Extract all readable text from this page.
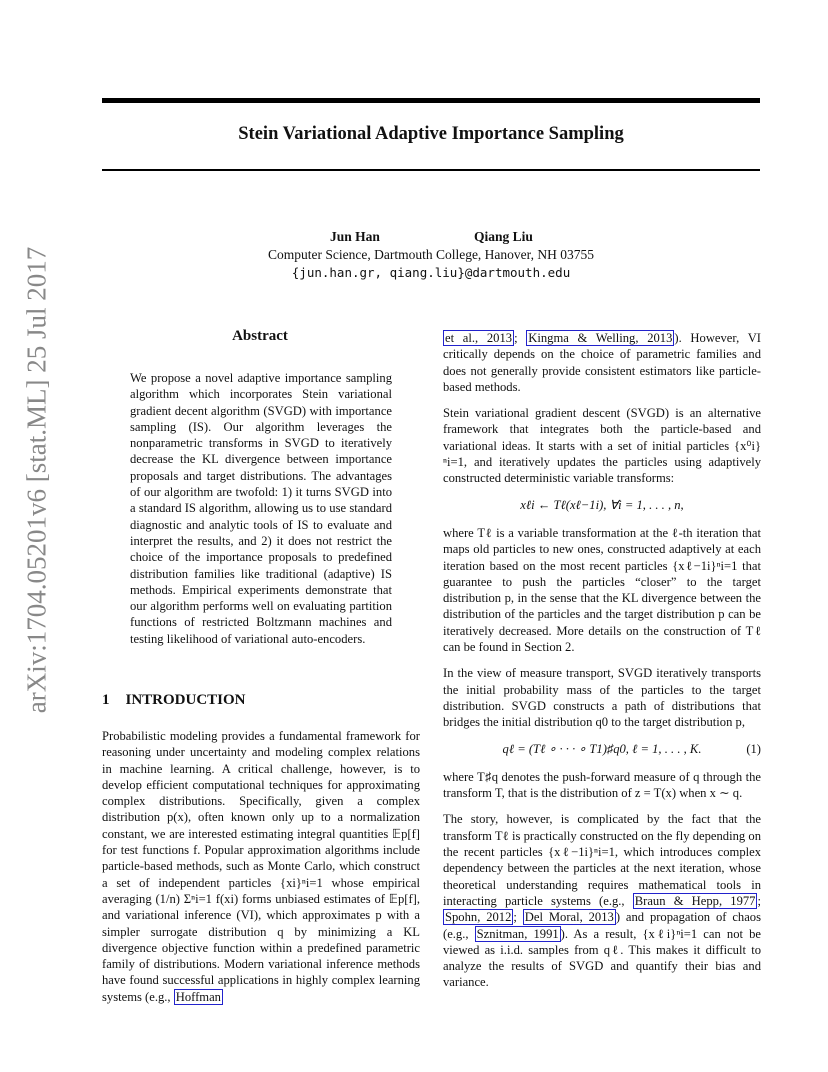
arXiv:1704.05201v6 [stat.ML] 25 Jul 2017
Stein Variational Adaptive Importance Sampling
Jun Han	Qiang Liu
Computer Science, Dartmouth College, Hanover, NH 03755
{jun.han.gr, qiang.liu}@dartmouth.edu
Abstract

We propose a novel adaptive importance sampling algorithm which incorporates Stein variational gradient decent algorithm (SVGD) with importance sampling (IS). Our algorithm leverages the nonparametric transforms in SVGD to iteratively decrease the KL divergence between importance proposals and target distributions. The advantages of our algorithm are twofold: 1) it turns SVGD into a standard IS algorithm, allowing us to use standard diagnostic and analytic tools of IS to evaluate and interpret the results, and 2) it does not restrict the choice of the importance proposals to predefined distribution families like traditional (adaptive) IS methods. Empirical experiments demonstrate that our algorithm performs well on evaluating partition functions of restricted Boltzmann machines and testing likelihood of variational auto-encoders.

1 INTRODUCTION

Probabilistic modeling provides a fundamental framework for reasoning under uncertainty and modeling complex relations in machine learning. A critical challenge, however, is to develop efficient computational techniques for approximating complex distributions. Specifically, given a complex distribution p(x), often known only up to a normalization constant, we are interested estimating integral quantities 𝔼p[f] for test functions f. Popular approximation algorithms include particle-based methods, such as Monte Carlo, which construct a set of independent particles {xi}ⁿi=1 whose empirical averaging (1/n) Σⁿi=1 f(xi) forms unbiased estimates of 𝔼p[f], and variational inference (VI), which approximates p with a simpler surrogate distribution q by minimizing a KL divergence objective function within a predefined parametric family of distributions. Modern variational inference methods have found successful applications in highly complex learning systems (e.g., Hoffman

et al., 2013 ; Kingma & Welling, 2013 ). However, VI critically depends on the choice of parametric families and does not generally provide consistent estimators like particle-based methods.

Stein variational gradient descent (SVGD) is an alternative framework that integrates both the particle-based and variational ideas. It starts with a set of initial particles {x⁰i}ⁿi=1, and iteratively updates the particles using adaptively constructed deterministic variable transforms:

xℓi ← Tℓ(xℓ−1i), ∀i = 1, . . . , n,

where Tℓ is a variable transformation at the ℓ-th iteration that maps old particles to new ones, constructed adaptively at each iteration based on the most recent particles {xℓ−1i}ⁿi=1 that guarantee to push the particles “closer” to the target distribution p, in the sense that the KL divergence between the distribution of the particles and the target distribution p can be iteratively decreased. More details on the construction of Tℓ can be found in Section 2.

In the view of measure transport, SVGD iteratively transports the initial probability mass of the particles to the target distribution. SVGD constructs a path of distributions that bridges the initial distribution q0 to the target distribution p,

qℓ = (Tℓ ∘ · · · ∘ T1)♯q0, ℓ = 1, . . . , K.	(1)

where T♯q denotes the push-forward measure of q through the transform T, that is the distribution of z = T(x) when x ∼ q.

The story, however, is complicated by the fact that the transform Tℓ is practically constructed on the fly depending on the recent particles {xℓ−1i}ⁿi=1, which introduces complex dependency between the particles at the next iteration, whose theoretical understanding requires mathematical tools in interacting particle systems (e.g., Braun & Hepp, 1977 ; Spohn, 2012 ; Del Moral, 2013 ) and propagation of chaos (e.g., Sznitman, 1991 ). As a result, {xℓi}ⁿi=1 can not be viewed as i.i.d. samples from qℓ. This makes it difficult to analyze the results of SVGD and quantify their bias and variance.
